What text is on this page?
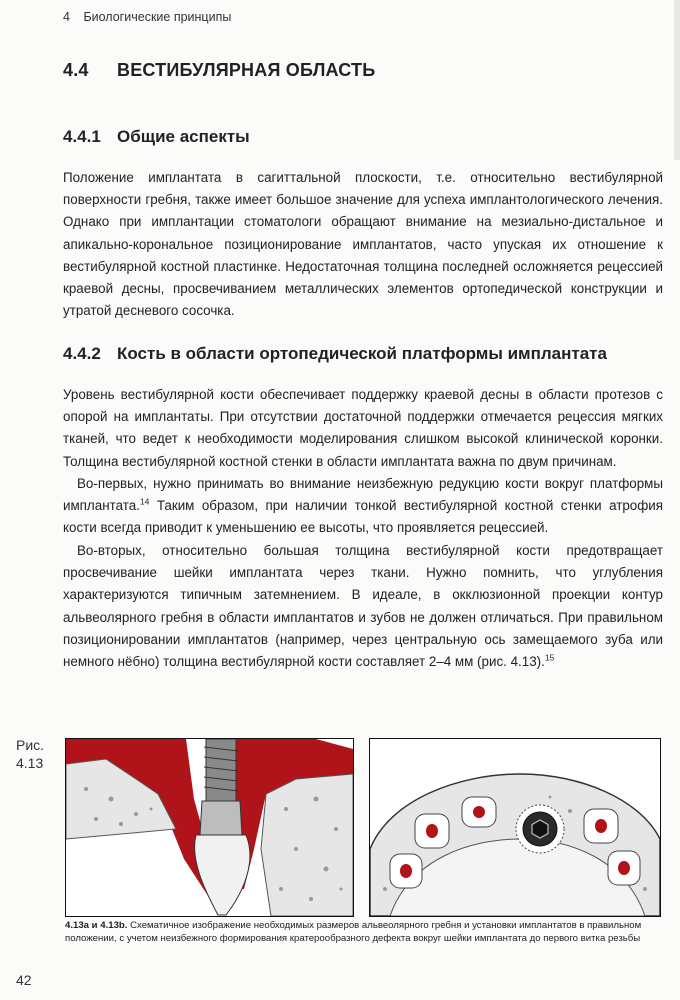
4 Биологические принципы
4.4 ВЕСТИБУЛЯРНАЯ ОБЛАСТЬ
4.4.1 Общие аспекты

Положение имплантата в сагиттальной плоскости, т.е. относительно вестибулярной поверхности гребня, также имеет большое значение для успеха имплантологического лечения. Однако при имплантации стоматологи обращают внимание на мезиально-дистальное и апикально-корональное позиционирование имплантатов, часто упуская их отношение к вестибулярной костной пластинке. Недостаточная толщина последней осложняется рецессией краевой десны, просвечиванием металлических элементов ортопедической конструкции и утратой десневого сосочка.

4.4.2 Кость в области ортопедической платформы имплантата

Уровень вестибулярной кости обеспечивает поддержку краевой десны в области протезов с опорой на имплантаты. При отсутствии достаточной поддержки отмечается рецессия мягких тканей, что ведет к необходимости моделирования слишком высокой клинической коронки. Толщина вестибулярной костной стенки в области имплантата важна по двум причинам.

Во-первых, нужно принимать во внимание неизбежную редукцию кости вокруг платформы имплантата.$^{14}$ Таким образом, при наличии тонкой вестибулярной костной стенки атрофия кости всегда приводит к уменьшению ее высоты, что проявляется рецессией.

Во-вторых, относительно большая толщина вестибулярной кости предотвращает просвечивание шейки имплантата через ткани. Нужно помнить, что углубления характеризуются типичным затемнением. В идеале, в окклюзионной проекции контур альвеолярного гребня в области имплантатов и зубов не должен отличаться. При правильном позиционировании имплантатов (например, через центральную ось замещаемого зуба или немного нёбно) толщина вестибулярной кости составляет 2–4 мм (рис. 4.13).$^{15}$

Рис.
4.13
4.13a и 4.13b. Схематичное изображение необходимых размеров альвеолярного гребня и установки имплантатов в правильном положении, с учетом неизбежного формирования кратерообразного дефекта вокруг шейки имплантата до первого витка резьбы
42
